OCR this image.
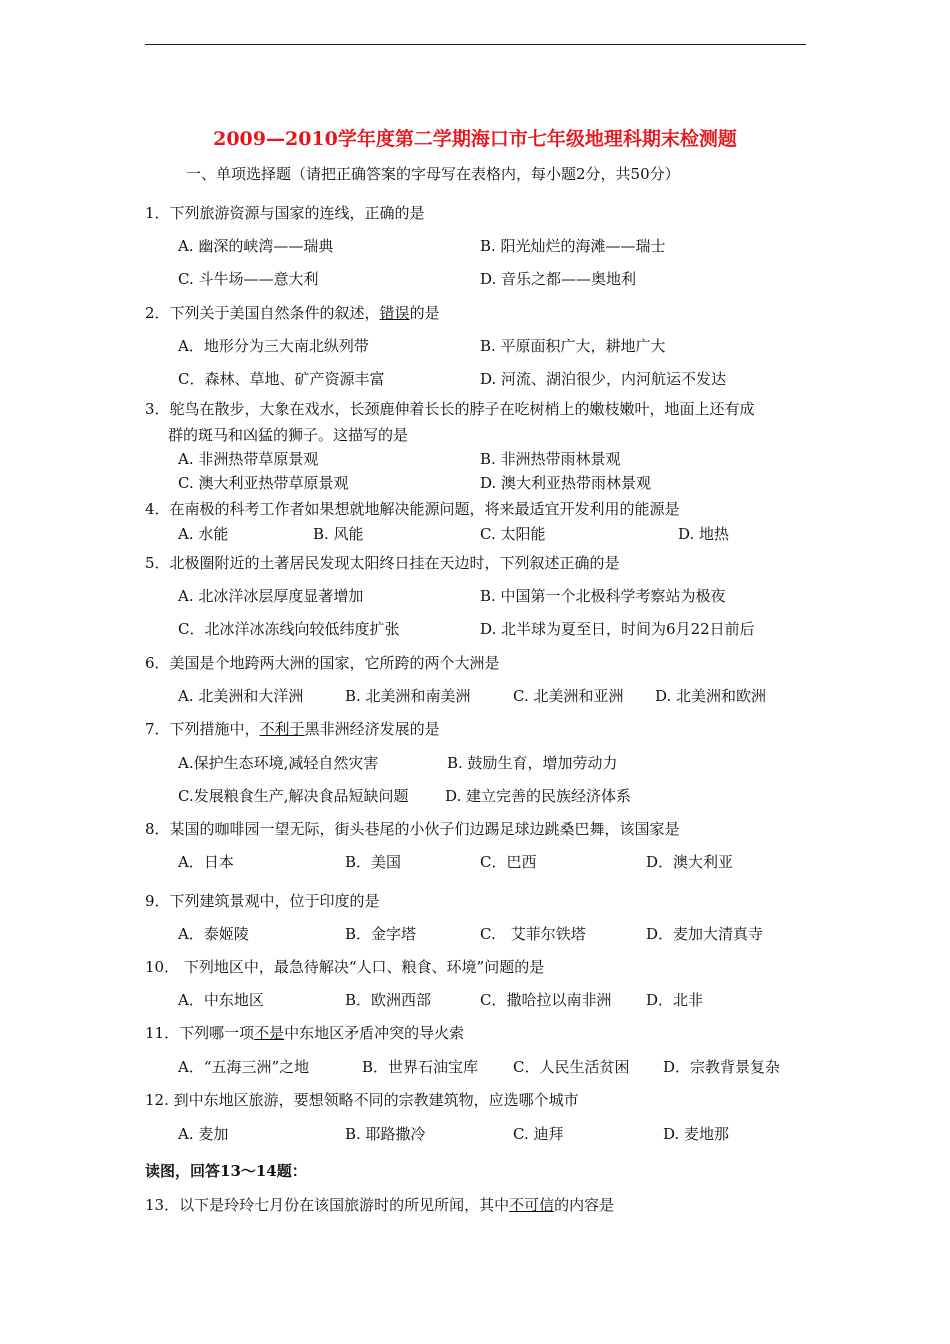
2009—2010学年度第二学期海口市七年级地理科期末检测题
一、单项选择题（请把正确答案的字母写在表格内，每小题2分，共50分）
1．下列旅游资源与国家的连线，正确的是
A. 幽深的峡湾——瑞典	B. 阳光灿烂的海滩——瑞士
C. 斗牛场——意大利	D. 音乐之都——奥地利
2．下列关于美国自然条件的叙述，错误的是
A．地形分为三大南北纵列带	B. 平原面积广大，耕地广大
C．森林、草地、矿产资源丰富	D. 河流、湖泊很少，内河航运不发达
3．鸵鸟在散步，大象在戏水，长颈鹿伸着长长的脖子在吃树梢上的嫩枝嫩叶，地面上还有成
群的斑马和凶猛的狮子。这描写的是
A. 非洲热带草原景观	B. 非洲热带雨林景观
C. 澳大利亚热带草原景观	D. 澳大利亚热带雨林景观
4．在南极的科考工作者如果想就地解决能源问题，将来最适宜开发利用的能源是
A. 水能	B. 风能	C. 太阳能	D. 地热
5．北极圈附近的土著居民发现太阳终日挂在天边时，下列叙述正确的是
A. 北冰洋冰层厚度显著增加	B. 中国第一个北极科学考察站为极夜
C．北冰洋冰冻线向较低纬度扩张	D. 北半球为夏至日，时间为6月22日前后
6．美国是个地跨两大洲的国家，它所跨的两个大洲是
A. 北美洲和大洋洲	B. 北美洲和南美洲	C. 北美洲和亚洲 D. 北美洲和欧洲
7．下列措施中，不利于黑非洲经济发展的是
A.保护生态环境,减轻自然灾害	B. 鼓励生育，增加劳动力
C.发展粮食生产,解决食品短缺问题 D. 建立完善的民族经济体系
8．某国的咖啡园一望无际，街头巷尾的小伙子们边踢足球边跳桑巴舞，该国家是
A．日本	B．美国	C．巴西	D．澳大利亚
9．下列建筑景观中，位于印度的是
A．泰姬陵	B．金字塔	C.　艾菲尔铁塔	D．麦加大清真寺
10． 下列地区中，最急待解决“人口、粮食、环境”问题的是
A．中东地区	B．欧洲西部	C．撒哈拉以南非洲 D．北非
11．下列哪一项不是中东地区矛盾冲突的导火索
A．“五海三洲”之地	B．世界石油宝库 C．人民生活贫困 D．宗教背景复杂
12. 到中东地区旅游，要想领略不同的宗教建筑物，应选哪个城市
A. 麦加	B. 耶路撒冷	C. 迪拜	D. 麦地那
读图，回答13～14题：
13．以下是玲玲七月份在该国旅游时的所见所闻，其中不可信的内容是
